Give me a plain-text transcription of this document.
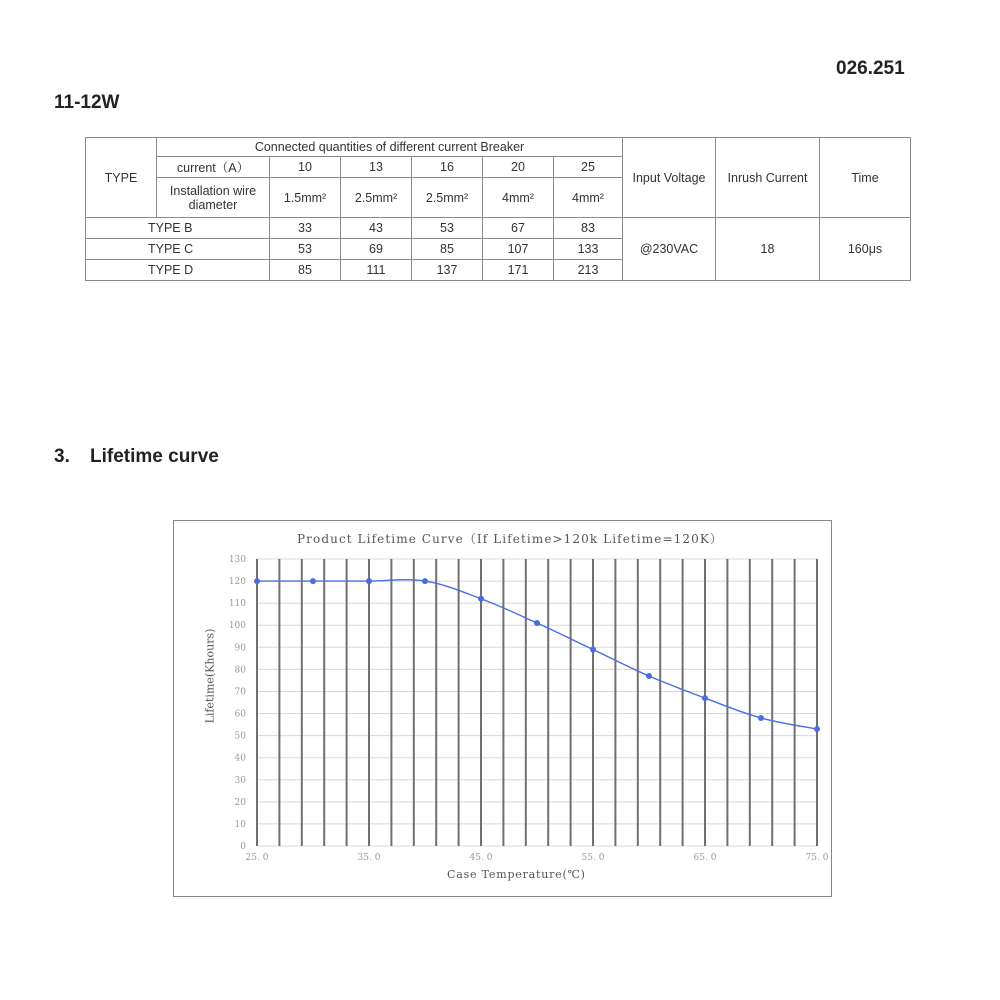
026.251
11-12W
TYPE	Connected quantities of different current Breaker						Input Voltage	Inrush Current	Time
	current（A）	10	13	16	20	25			
	Installation wire
diameter	1.5mm²	2.5mm²	2.5mm²	4mm²	4mm²			
TYPE B		33	43	53	67	83	@230VAC	18	160μs
TYPE C		53	69	85	107	133			
TYPE D		85	111	137	171	213			
3. Lifetime curve
Product Lifetime Curve（If Lifetime>120k Lifetime=120K）
Lifetime(Khours)
Case Temperature(℃)
0
10
20
30
40
50
60
70
80
90
100
110
120
130
25. 0	35. 0	45. 0	55. 0	65. 0	75. 0
